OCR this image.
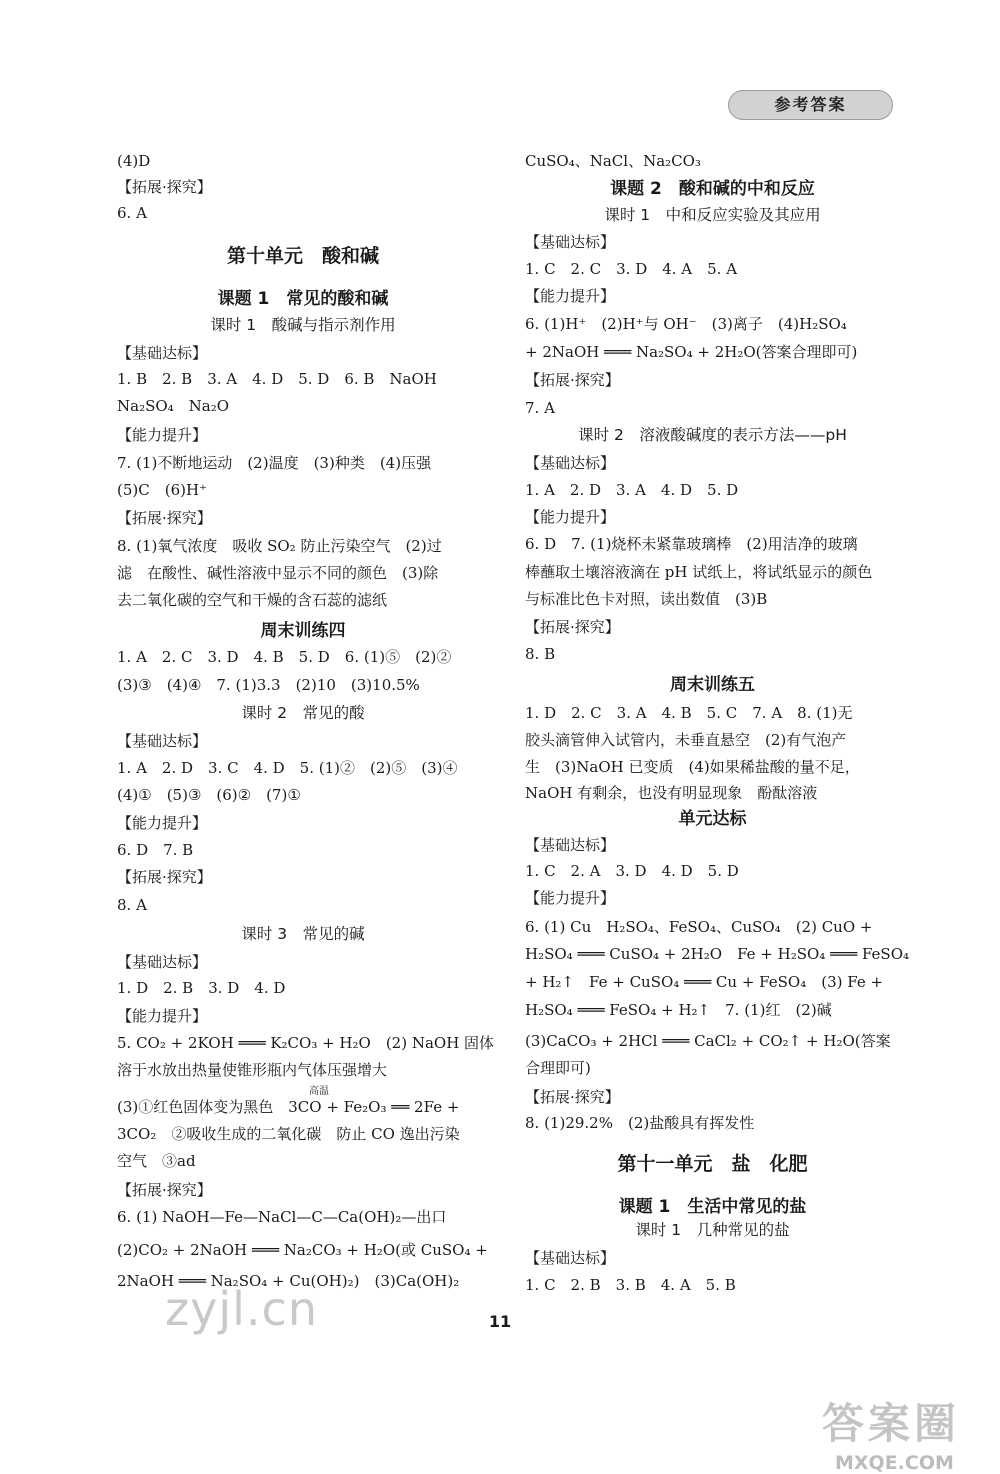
参考答案
(4)D
【拓展·探究】
6. A
第十单元　酸和碱
课题 1　常见的酸和碱
课时 1　酸碱与指示剂作用
【基础达标】
1. B　2. B　3. A　4. D　5. D　6. B　NaOH
Na₂SO₄　Na₂O
【能力提升】
7. (1)不断地运动　(2)温度　(3)种类　(4)压强
(5)C　(6)H⁺
【拓展·探究】
8. (1)氧气浓度　吸收 SO₂ 防止污染空气　(2)过
滤　在酸性、碱性溶液中显示不同的颜色　(3)除
去二氧化碳的空气和干燥的含石蕊的滤纸
周末训练四
1. A　2. C　3. D　4. B　5. D　6. (1)⑤　(2)②
(3)③　(4)④　7. (1)3.3　(2)10　(3)10.5%
课时 2　常见的酸
【基础达标】
1. A　2. D　3. C　4. D　5. (1)②　(2)⑤　(3)④
(4)①　(5)③　(6)②　(7)①
【能力提升】
6. D　7. B
【拓展·探究】
8. A
课时 3　常见的碱
【基础达标】
1. D　2. B　3. D　4. D
【能力提升】
5. CO₂ + 2KOH ═══ K₂CO₃ + H₂O　(2) NaOH 固体
溶于水放出热量使锥形瓶内气体压强增大
(3)①红色固体变为黑色　3CO + Fe₂O₃ ══ 2Fe +
高温
3CO₂　②吸收生成的二氧化碳　防止 CO 逸出污染
空气　③ad
【拓展·探究】
6. (1) NaOH—Fe—NaCl—C—Ca(OH)₂—出口
(2)CO₂ + 2NaOH ═══ Na₂CO₃ + H₂O(或 CuSO₄ +
2NaOH ═══ Na₂SO₄ + Cu(OH)₂)　(3)Ca(OH)₂
CuSO₄、NaCl、Na₂CO₃
课题 2　酸和碱的中和反应
课时 1　中和反应实验及其应用
【基础达标】
1. C　2. C　3. D　4. A　5. A
【能力提升】
6. (1)H⁺　(2)H⁺与 OH⁻　(3)离子　(4)H₂SO₄
+ 2NaOH ═══ Na₂SO₄ + 2H₂O(答案合理即可)
【拓展·探究】
7. A
课时 2　溶液酸碱度的表示方法——pH
【基础达标】
1. A　2. D　3. A　4. D　5. D
【能力提升】
6. D　7. (1)烧杯未紧靠玻璃棒　(2)用洁净的玻璃
棒蘸取土壤溶液滴在 pH 试纸上，将试纸显示的颜色
与标准比色卡对照，读出数值　(3)B
【拓展·探究】
8. B
周末训练五
1. D　2. C　3. A　4. B　5. C　7. A　8. (1)无
胶头滴管伸入试管内，未垂直悬空　(2)有气泡产
生　(3)NaOH 已变质　(4)如果稀盐酸的量不足，
NaOH 有剩余，也没有明显现象　酚酞溶液
单元达标
【基础达标】
1. C　2. A　3. D　4. D　5. D
【能力提升】
6. (1) Cu　H₂SO₄、FeSO₄、CuSO₄　(2) CuO +
H₂SO₄ ═══ CuSO₄ + 2H₂O　Fe + H₂SO₄ ═══ FeSO₄
+ H₂↑　Fe + CuSO₄ ═══ Cu + FeSO₄　(3) Fe +
H₂SO₄ ═══ FeSO₄ + H₂↑　7. (1)红　(2)碱
(3)CaCO₃ + 2HCl ═══ CaCl₂ + CO₂↑ + H₂O(答案
合理即可)
【拓展·探究】
8. (1)29.2%　(2)盐酸具有挥发性
第十一单元　盐　化肥
课题 1　生活中常见的盐
课时 1　几种常见的盐
【基础达标】
1. C　2. B　3. B　4. A　5. B
11
zyjl.cn
答案圈
MXQE.COM
